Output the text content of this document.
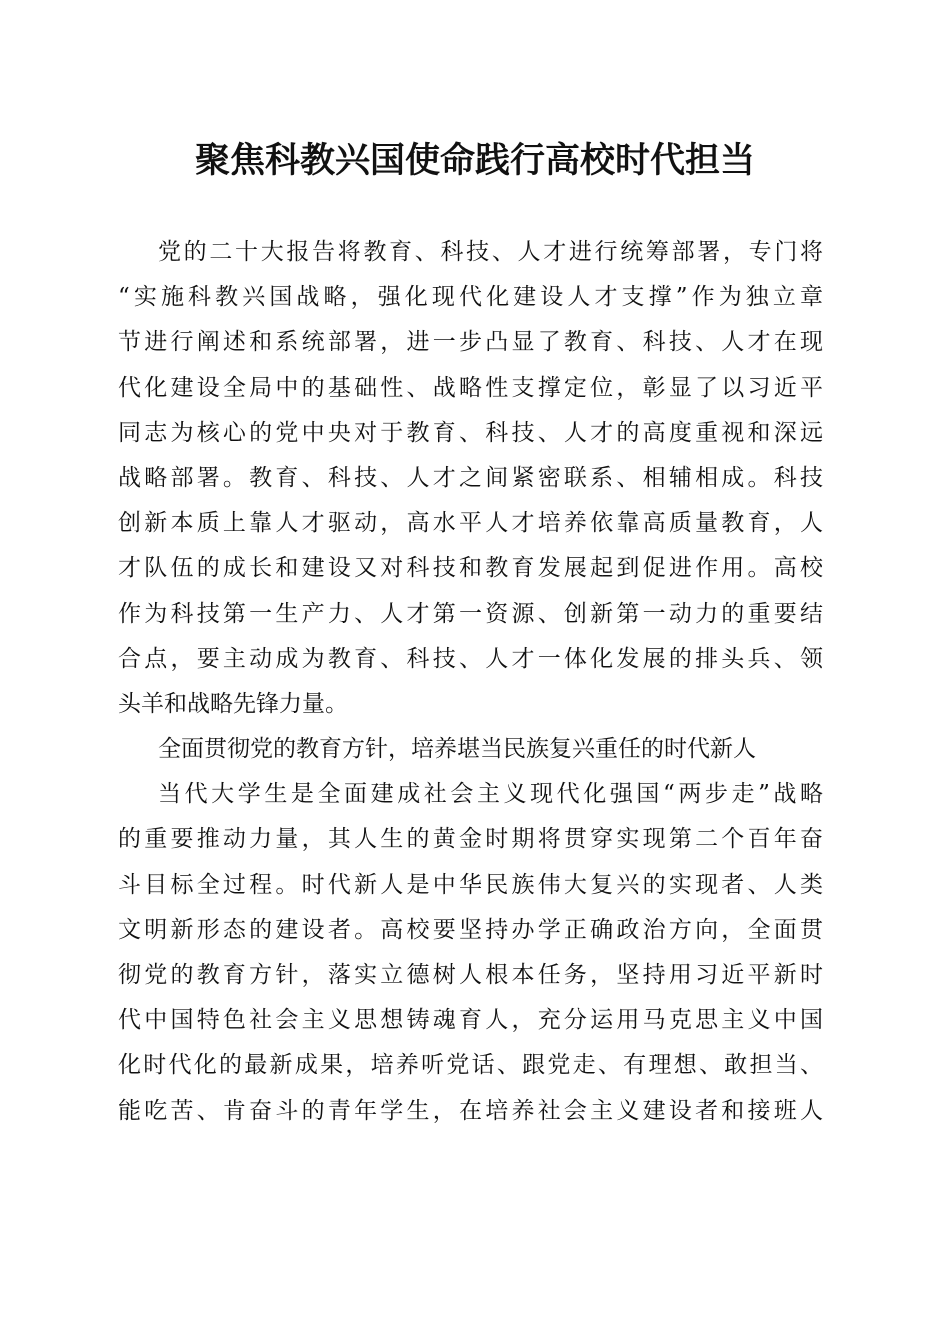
聚焦科教兴国使命践行高校时代担当
党的二十大报告将教育、科技、人才进行统筹部署，专门将
“实施科教兴国战略，强化现代化建设人才支撑”作为独立章
节进行阐述和系统部署，进一步凸显了教育、科技、人才在现
代化建设全局中的基础性、战略性支撑定位，彰显了以习近平
同志为核心的党中央对于教育、科技、人才的高度重视和深远
战略部署。教育、科技、人才之间紧密联系、相辅相成。科技
创新本质上靠人才驱动，高水平人才培养依靠高质量教育，人
才队伍的成长和建设又对科技和教育发展起到促进作用。高校
作为科技第一生产力、人才第一资源、创新第一动力的重要结
合点，要主动成为教育、科技、人才一体化发展的排头兵、领
头羊和战略先锋力量。
全面贯彻党的教育方针，培养堪当民族复兴重任的时代新人
当代大学生是全面建成社会主义现代化强国“两步走”战略
的重要推动力量，其人生的黄金时期将贯穿实现第二个百年奋
斗目标全过程。时代新人是中华民族伟大复兴的实现者、人类
文明新形态的建设者。高校要坚持办学正确政治方向，全面贯
彻党的教育方针，落实立德树人根本任务，坚持用习近平新时
代中国特色社会主义思想铸魂育人，充分运用马克思主义中国
化时代化的最新成果，培养听党话、跟党走、有理想、敢担当、
能吃苦、肯奋斗的青年学生，在培养社会主义建设者和接班人
